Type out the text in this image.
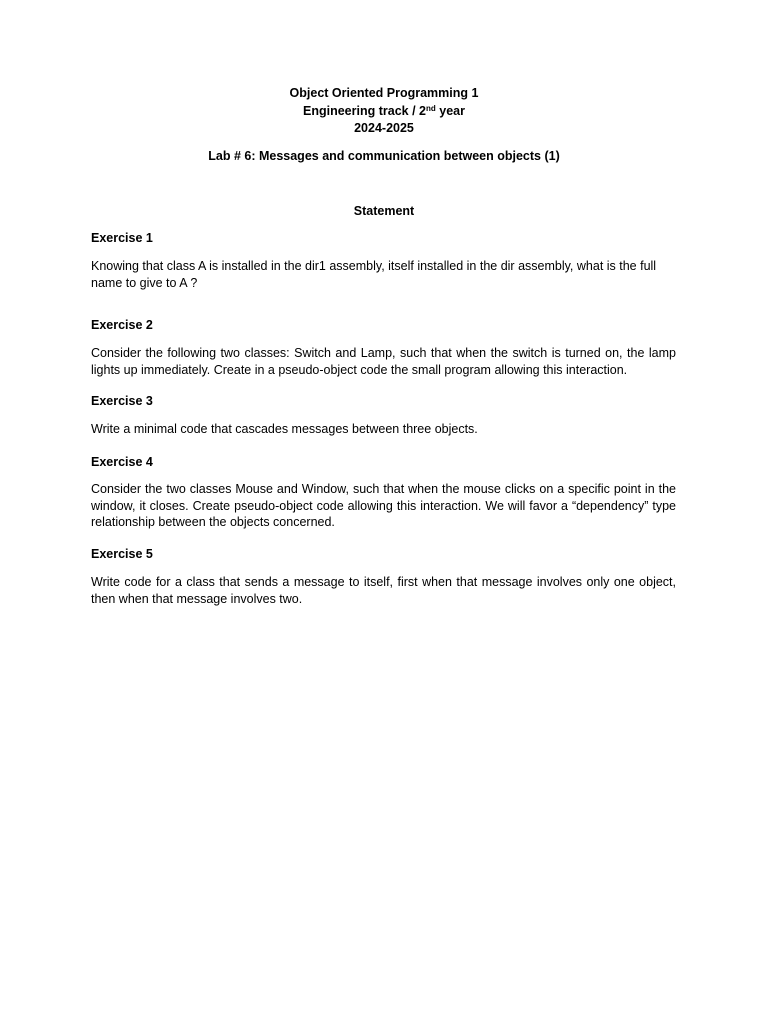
Object Oriented Programming 1
Engineering track / 2nd year
2024-2025
Lab # 6: Messages and communication between objects (1)
Statement
Exercise 1
Knowing that class A is installed in the dir1 assembly, itself installed in the dir assembly, what is the full name to give to A ?
Exercise 2
Consider the following two classes: Switch and Lamp, such that when the switch is turned on, the lamp lights up immediately. Create in a pseudo-object code the small program allowing this interaction.
Exercise 3
Write a minimal code that cascades messages between three objects.
Exercise 4
Consider the two classes Mouse and Window, such that when the mouse clicks on a specific point in the window, it closes. Create pseudo-object code allowing this interaction. We will favor a “dependency” type relationship between the objects concerned.
Exercise 5
Write code for a class that sends a message to itself, first when that message involves only one object, then when that message involves two.
